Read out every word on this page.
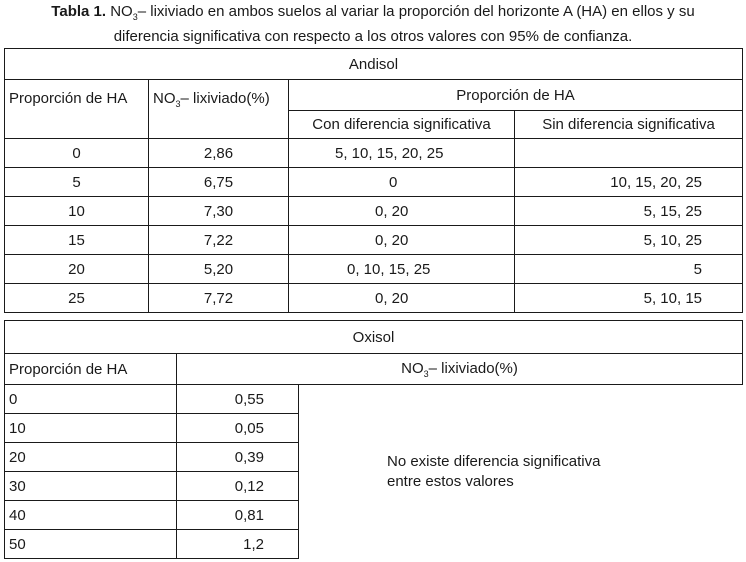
Tabla 1. $NO_3-$ lixiviado en ambos suelos al variar la proporción del horizonte A (HA) en ellos y su
diferencia significativa con respecto a los otros valores con 95% de confianza.
Andisol			
Proporción de HA	$NO_3-$ lixiviado(%)	Proporción de HA	
		Con diferencia significativa	Sin diferencia significativa
0	2,86	5, 10, 15, 20, 25	
5	6,75	0	10, 15, 20, 25
10	7,30	0, 20	5, 15, 25
15	7,22	0, 20	5, 10, 25
20	5,20	0, 10, 15, 25	5
25	7,72	0, 20	5, 10, 15
Oxisol		
Proporción de HA	$NO_3-$ lixiviado(%)	
0	0,55	No existe diferencia significativa
entre estos valores

10	0,05	
20	0,39	
30	0,12	
40	0,81	
50	1,2	
